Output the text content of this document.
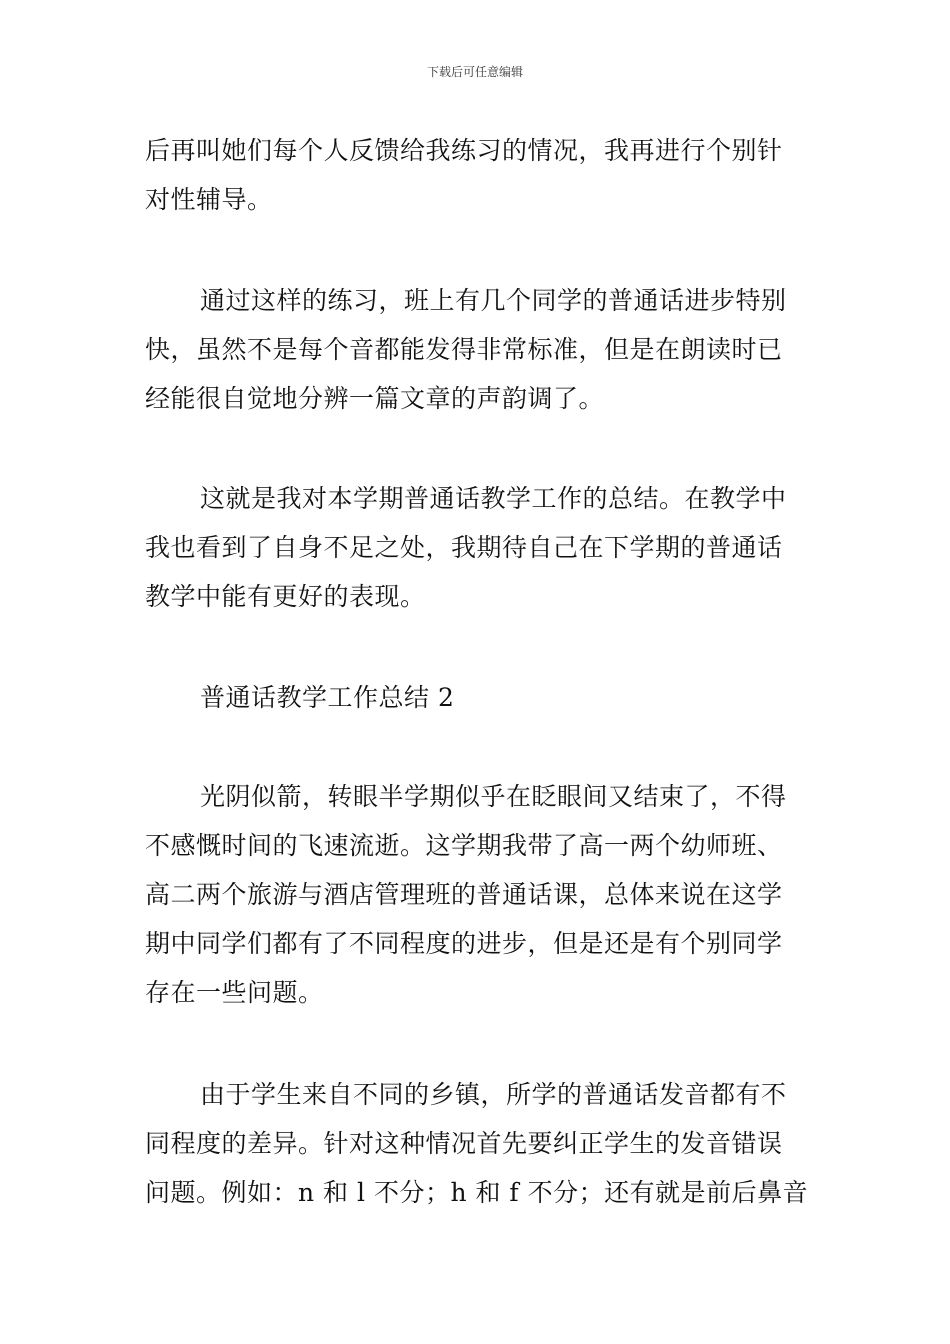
下载后可任意编辑
后再叫她们每个人反馈给我练习的情况，我再进行个别针
对性辅导。
通过这样的练习，班上有几个同学的普通话进步特别
快，虽然不是每个音都能发得非常标准，但是在朗读时已
经能很自觉地分辨一篇文章的声韵调了。
这就是我对本学期普通话教学工作的总结。在教学中
我也看到了自身不足之处，我期待自己在下学期的普通话
教学中能有更好的表现。
普通话教学工作总结 2
光阴似箭，转眼半学期似乎在眨眼间又结束了，不得
不感慨时间的飞速流逝。这学期我带了高一两个幼师班、
高二两个旅游与酒店管理班的普通话课，总体来说在这学
期中同学们都有了不同程度的进步，但是还是有个别同学
存在一些问题。
由于学生来自不同的乡镇，所学的普通话发音都有不
同程度的差异。针对这种情况首先要纠正学生的发音错误
问题。例如：n 和 l 不分；h 和 f 不分；还有就是前后鼻音
